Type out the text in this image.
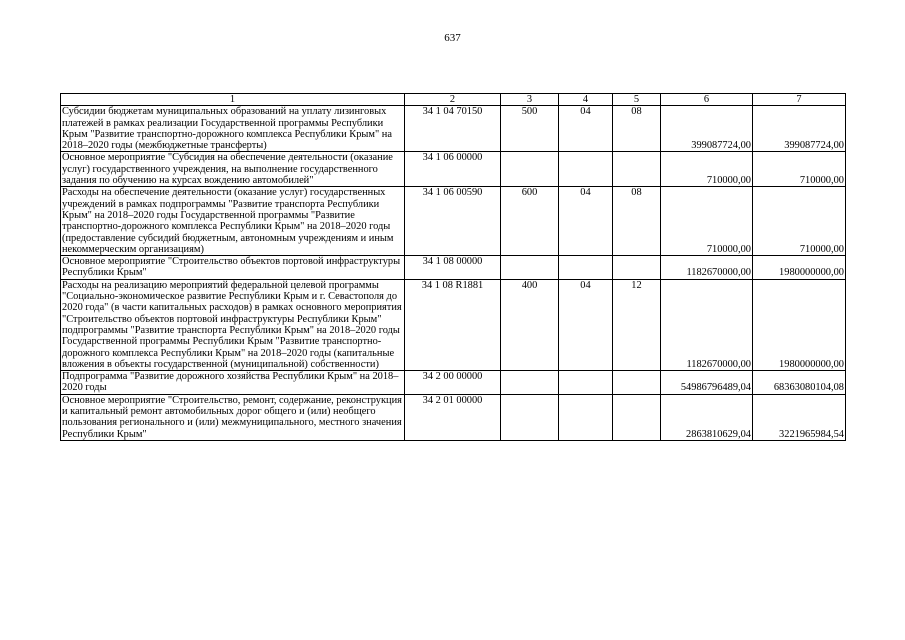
637
1	2	3	4	5	6	7
Субсидии бюджетам муниципальных образований на уплату лизинговых платежей в рамках реализации Государственной программы Республики Крым "Развитие транспортно-дорожного комплекса Республики Крым" на 2018–2020 годы (межбюджетные трансферты)	34 1 04 70150	500	04	08	399087724,00	399087724,00
Основное мероприятие "Субсидия на обеспечение деятельности (оказание услуг) государственного учреждения, на выполнение государственного задания по обучению на курсах вождению автомобилей"	34 1 06 00000				710000,00	710000,00
Расходы на обеспечение деятельности (оказание услуг) государственных учреждений в рамках подпрограммы "Развитие транспорта Республики Крым" на 2018–2020 годы Государственной программы "Развитие транспортно-дорожного комплекса Республики Крым" на 2018–2020 годы (предоставление субсидий бюджетным, автономным учреждениям и иным некоммерческим организациям)	34 1 06 00590	600	04	08	710000,00	710000,00
Основное мероприятие "Строительство объектов портовой инфраструктуры Республики Крым"	34 1 08 00000				1182670000,00	1980000000,00
Расходы на реализацию мероприятий федеральной целевой программы "Социально-экономическое развитие Республики Крым и г. Севастополя до 2020 года" (в части капитальных расходов) в рамках основного мероприятия "Строительство объектов портовой инфраструктуры Республики Крым" подпрограммы "Развитие транспорта Республики Крым" на 2018–2020 годы Государственной программы Республики Крым "Развитие транспортно-дорожного комплекса Республики Крым" на 2018–2020 годы (капитальные вложения в объекты государственной (муниципальной) собственности)	34 1 08 R1881	400	04	12	1182670000,00	1980000000,00
Подпрограмма "Развитие дорожного хозяйства Республики Крым" на 2018–2020 годы	34 2 00 00000				54986796489,04	68363080104,08
Основное мероприятие "Строительство, ремонт, содержание, реконструкция и капитальный ремонт автомобильных дорог общего и (или) необщего пользования регионального и (или) межмуниципального, местного значения Республики Крым"	34 2 01 00000				2863810629,04	3221965984,54
